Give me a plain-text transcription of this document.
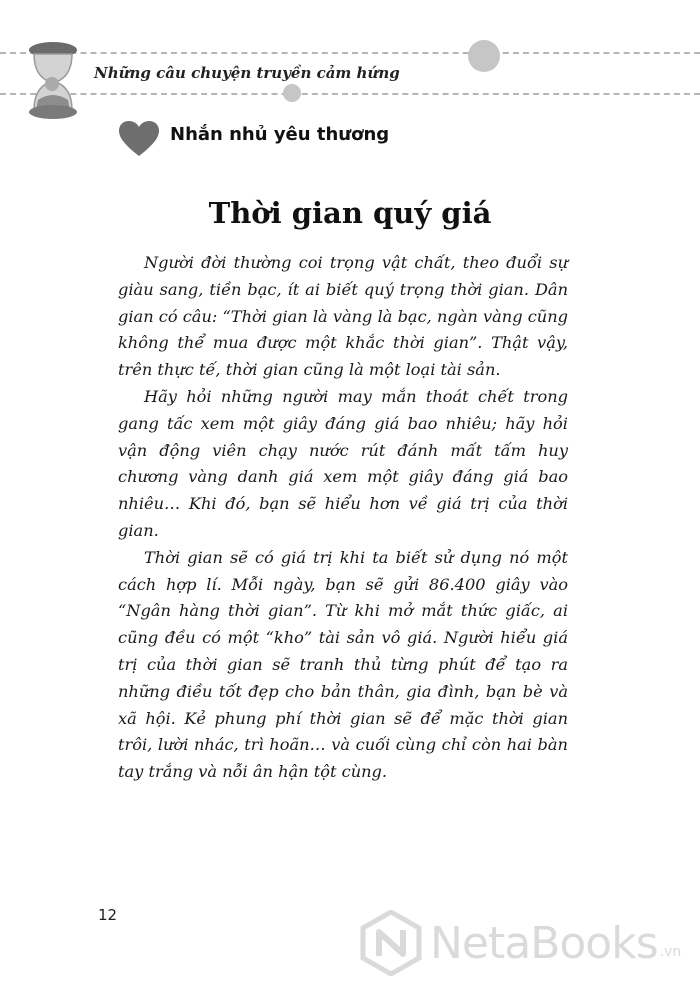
Những câu chuyện truyền cảm hứng
Nhắn nhủ yêu thương
Thời gian quý giá

Người đời thường coi trọng vật chất, theo đuổi sự giàu sang, tiền bạc, ít ai biết quý trọng thời gian. Dân gian có câu: “Thời gian là vàng là bạc, ngàn vàng cũng không thể mua được một khắc thời gian”. Thật vậy, trên thực tế, thời gian cũng là một loại tài sản.

Hãy hỏi những người may mắn thoát chết trong gang tấc xem một giây đáng giá bao nhiêu; hãy hỏi vận động viên chạy nước rút đánh mất tấm huy chương vàng danh giá xem một giây đáng giá bao nhiêu… Khi đó, bạn sẽ hiểu hơn về giá trị của thời gian.

Thời gian sẽ có giá trị khi ta biết sử dụng nó một cách hợp lí. Mỗi ngày, bạn sẽ gửi 86.400 giây vào “Ngân hàng thời gian”. Từ khi mở mắt thức giấc, ai cũng đều có một “kho” tài sản vô giá. Người hiểu giá trị của thời gian sẽ tranh thủ từng phút để tạo ra những điều tốt đẹp cho bản thân, gia đình, bạn bè và xã hội. Kẻ phung phí thời gian sẽ để mặc thời gian trôi, lười nhác, trì hoãn… và cuối cùng chỉ còn hai bàn tay trắng và nỗi ân hận tột cùng.

12
NetaBooks .vn
